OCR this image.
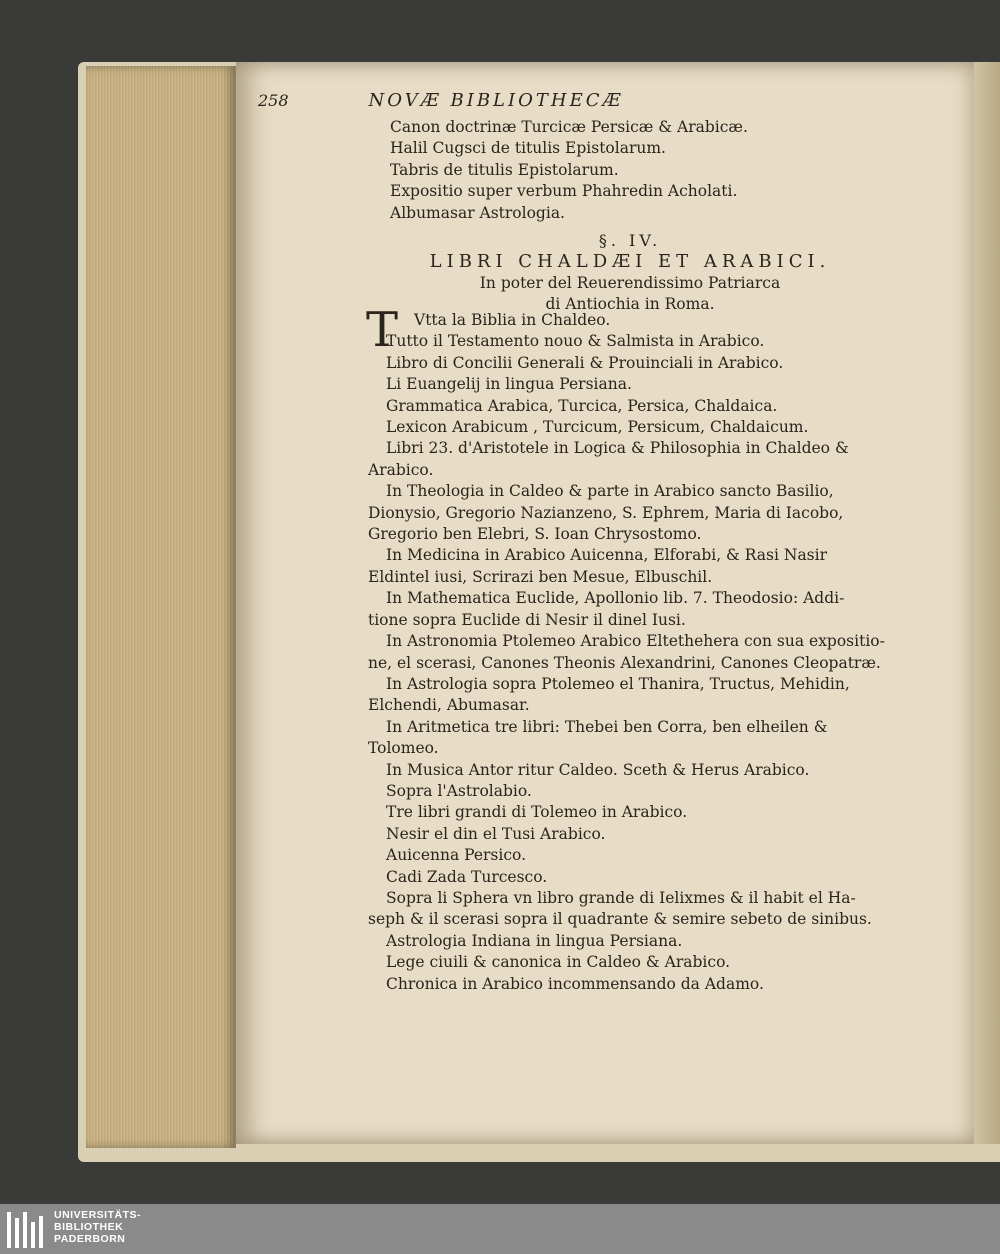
258	NOVÆ BIBLIOTHECÆ
Canon doctrinæ Turcicæ Persicæ & Arabicæ.
Halil Cugsci de titulis Epistolarum.
Tabris de titulis Epistolarum.
Expositio super verbum Phahredin Acholati.
Albumasar Astrologia.
§. IV.
LIBRI CHALDÆI ET ARABICI.
In poter del Reuerendissimo Patriarca
di Antiochia in Roma.
T Vtta la Biblia in Chaldeo.
Tutto il Testamento nouo & Salmista in Arabico.
Libro di Concilii Generali & Prouinciali in Arabico.
Li Euangelij in lingua Persiana.
Grammatica Arabica, Turcica, Persica, Chaldaica.
Lexicon Arabicum , Turcicum, Persicum, Chaldaicum.
Libri 23. d'Aristotele in Logica & Philosophia in Chaldeo &
Arabico.
In Theologia in Caldeo & parte in Arabico sancto Basilio,
Dionysio, Gregorio Nazianzeno, S. Ephrem, Maria di Iacobo,
Gregorio ben Elebri, S. Ioan Chrysostomo.
In Medicina in Arabico Auicenna, Elforabi, & Rasi Nasir
Eldintel iusi, Scrirazi ben Mesue, Elbuschil.
In Mathematica Euclide, Apollonio lib. 7. Theodosio: Addi-
tione sopra Euclide di Nesir il dinel Iusi.
In Astronomia Ptolemeo Arabico Eltethehera con sua expositio-
ne, el scerasi, Canones Theonis Alexandrini, Canones Cleopatræ.
In Astrologia sopra Ptolemeo el Thanira, Tructus, Mehidin,
Elchendi, Abumasar.
In Aritmetica tre libri: Thebei ben Corra, ben elheilen &
Tolomeo.
In Musica Antor ritur Caldeo. Sceth & Herus Arabico.
Sopra l'Astrolabio.
Tre libri grandi di Tolemeo in Arabico.
Nesir el din el Tusi Arabico.
Auicenna Persico.
Cadi Zada Turcesco.
Sopra li Sphera vn libro grande di Ielixmes & il habit el Ha-
seph & il scerasi sopra il quadrante & semire sebeto de sinibus.
Astrologia Indiana in lingua Persiana.
Lege ciuili & canonica in Caldeo & Arabico.
Chronica in Arabico incommensando da Adamo.
UNIVERSITÄTS-
BIBLIOTHEK
PADERBORN
